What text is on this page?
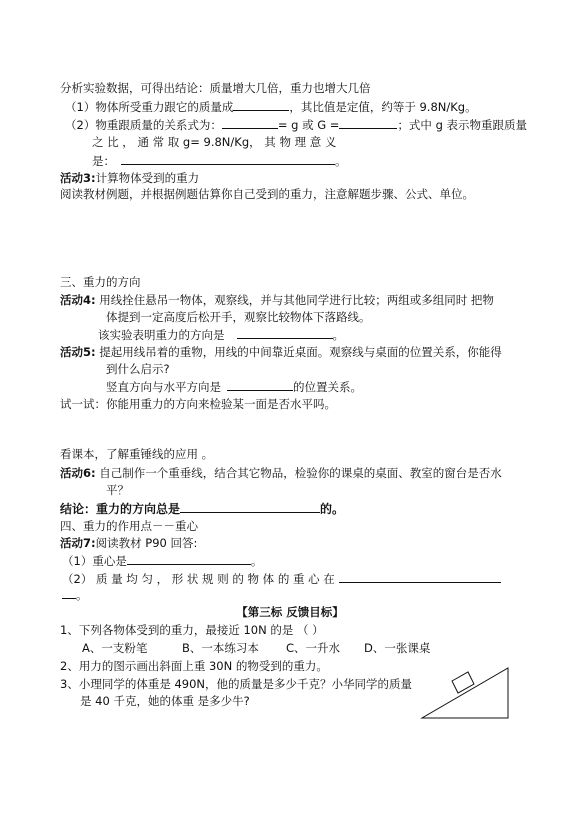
分析实验数据，可得出结论：质量增大几倍，重力也增大几倍
（1）物体所受重力跟它的质量成	，其比值是定值，约等于 9.8N/Kg。
（2）物重跟质量的关系式为：	= g 或 G =	；式中 g 表示物重跟质量
之 比 ， 通 常 取 g= 9.8N/Kg， 其 物 理 意 义
是：	。
活动3:计算物体受到的重力
阅读教材例题，并根据例题估算你自己受到的重力，注意解题步骤、公式、单位。
三、重力的方向
活动4: 用线拴住悬吊一物体，观察线，并与其他同学进行比较；两组或多组同时 把物
体提到一定高度后松开手，观察比较物体下落路线。
该实验表明重力的方向是	。
活动5: 提起用线吊着的重物，用线的中间靠近桌面。观察线与桌面的位置关系，你能得
到什么启示?
竖直方向与水平方向是	的位置关系。
试一试：你能用重力的方向来检验某一面是否水平吗。
看课本，了解重锤线的应用 。
活动6: 自己制作一个重垂线，结合其它物品，检验你的课桌的桌面、教室的窗台是否水
平？
结论：重力的方向总是	的。
四、重力的作用点－－重心
活动7:阅读教材 P90 回答:
（1）重心是	。
（2） 质 量 均 匀 ， 形 状 规 则 的 物 体 的 重 心 在
。
【第三标 反馈目标】
1、下列各物体受到的重力，最接近 10N 的是 （ ）
A、一支粉笔	B、一本练习本 C、一升水 D、一张课桌
2、用力的图示画出斜面上重 30N 的物受到的重力。
3、小理同学的体重是 490N，他的质量是多少千克？小华同学的质量
是 40 千克，她的体重 是多少牛?
